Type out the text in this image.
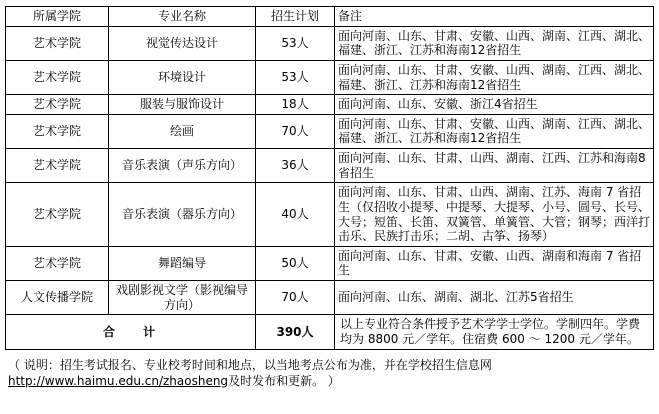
所属学院	专业名称	招生计划	备注
艺术学院	视觉传达设计	53人	面向河南、山东、甘肃、安徽、山西、湖南、江西、湖北、福建、浙江、江苏和海南12省招生
艺术学院	环境设计	53人	面向河南、山东、甘肃、安徽、山西、湖南、江西、湖北、福建、浙江、江苏和海南12省招生
艺术学院	服装与服饰设计	18人	面向河南、山东、安徽、浙江4省招生
艺术学院	绘画	70人	面向河南、山东、甘肃、安徽、山西、湖南、江西、湖北、福建、浙江、江苏和海南12省招生
艺术学院	音乐表演（声乐方向）	36人	面向河南、山东、甘肃、山西、湖南、江西、江苏和海南8省招生
艺术学院	音乐表演（器乐方向）	40人	面向河南、山东、甘肃、山西、湖南、江苏、海南 7 省招生（仅招收小提琴、中提琴、大提琴、小号、圆号、长号、大号；短笛、长笛、双簧管、单簧管、大管；钢琴；西洋打击乐、民族打击乐；二胡、古筝、扬琴）
艺术学院	舞蹈编导	50人	面向河南、山东、甘肃、安徽、山西、湖南和海南 7 省招生
人文传播学院	戏剧影视文学（影视编导方向）	70人	面向河南、山东、湖南、湖北、江苏5省招生
合　计		390人	以上专业符合条件授予艺术学学士学位。学制四年。学费均为 8800 元／学年。住宿费 600 ～ 1200 元／学年。
（ 说明：招生考试报名、专业校考时间和地点，以当地考点公布为准，并在学校招生信息网http://www.haimu.edu.cn/zhaosheng及时发布和更新。 ）
